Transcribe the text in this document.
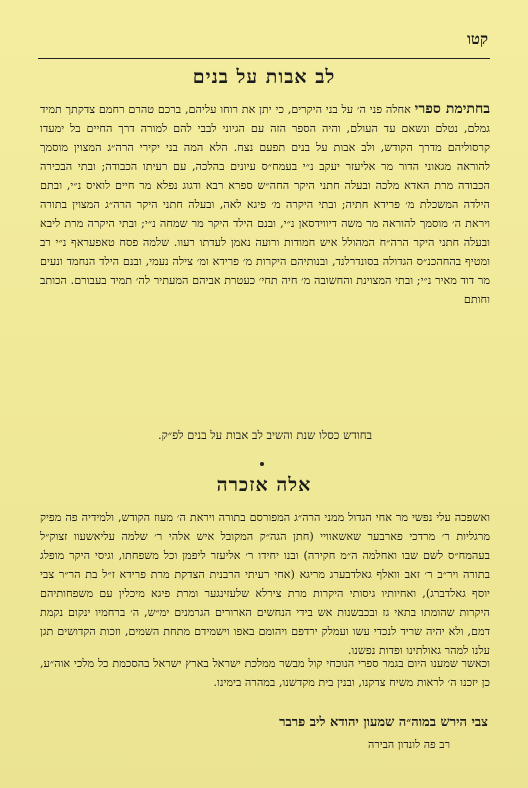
קטו
לב אבות על בנים
בחתימת ספרי אחלה פני ה׳ על בני היקרים, כי יתן את רוחו עליהם, ברכם טהרם רחמם צדקתך תמיד גמלם, נטלם ונשאם עד העולם, והיה הספר הזה עם הגיוני לבבי להם למורה דרך החיים בל ימעדו קרסוליהם מדרך הקודש, ולב אבות על בנים תפעם נצח. הלא המה בני יקירי הרה״ג המצוין מוסמך להוראה מגאוני הדור מר אליעזר יעקב נ״י בעמח״ס עיונים בהלכה, עם רעיתו הכבודה; ובתי הבכירה הכבודה מרת האדא מלכה ובעלה חתני היקר החה״ש ספרא רבא ודגוג נפלא מר חיים לואיס נ״י, ובתם הילדה המשכלת מ׳ פרידא חתיה; ובתי היקרה מ׳ פיגא לאה, ובעלה חתני היקר הרה״ג המצוין בתורה ויראת ה׳ מוסמך להוראה מר משה דיווידסאן נ״י, ובנם הילד היקר מר שמחה נ״י; ובתי היקרה מרת ליבא ובעלה חתני היקר הרה״ח המהולל איש חמודות ורועה נאמן לעדתו רעוו. שלמה פסח טאפעראף נ״י רב ומטיף בהחהכנ״ס הגדולה בסונדרלנד, ובנותיהם היקרות מ׳ פרידא ומ׳ צילה נעמי, ובנם הילד הנחמד ונעים מר דוד מאיר נ״י; ובתי המצוינת והחשובה מ׳ חיה תחי׳ כעטרת אביהם המעתיר לה׳ תמיד בעבורם. הכותב וחותם
בחודש כסלו שנת והשיב לב אבות על בנים לפ״ק.
אלה אזכרה
ואשפכה עלי נפשי מר אחי הגדול ממני הרה״ג המפורסם בתורה ויראת ה׳ מעוז הקודש, ולמידיה פה מפיק מרגליות ר׳ מרדכי פארבער שאשאוויי (חתן הגה״ק המקובל איש אלהי ר׳ שלמה עליאשעוו זצוק״ל בעהמח״ס לשם שבו ואחלמה ה״מ חקירה) ובנו יחידו ר׳ אליעזר ליפמן וכל משפחתו, וגיסי היקר מופלג בתורה ויר״ב ר׳ זאב וואלף גאלדבערג מריגא (אחי רעיתי הרבנית הצדקת מרת פרידא ז״ל בת הר״ר צבי יוסף גאלדברג), ואחיותיו גיסותי היקרות מרת צירלא שלעזינגער ומרת פיגא מיכלין עם משפחותיהם היקרות שהומתו בתאי גז ובכבשנות אש בידי הנחשים הארורים הגרמנים ימ״ש, ה׳ ברחמיו ינקום נקמת דמם, ולא יהיה שריד לנכדי עשו ועמלק ירדפם ויהומם באפו וישמידם מתחת השמים, וזכות הקדושים תגן עלנו למהר גאולתינו ופדות נפשנו.
וכאשר שמענו היום בגמר ספרי הנוכחי קול מבשר ממלכת ישראל בארץ ישראל בהסכמת כל מלכי אוה״ע, כן יזכנו ה׳ לראות משיח צדקנו, ובנין בית מקדשנו, במהרה בימינו.
צבי הירש במוה״ה שמעון יהודא ליב פרבר
רב פה לונדון הבירה
